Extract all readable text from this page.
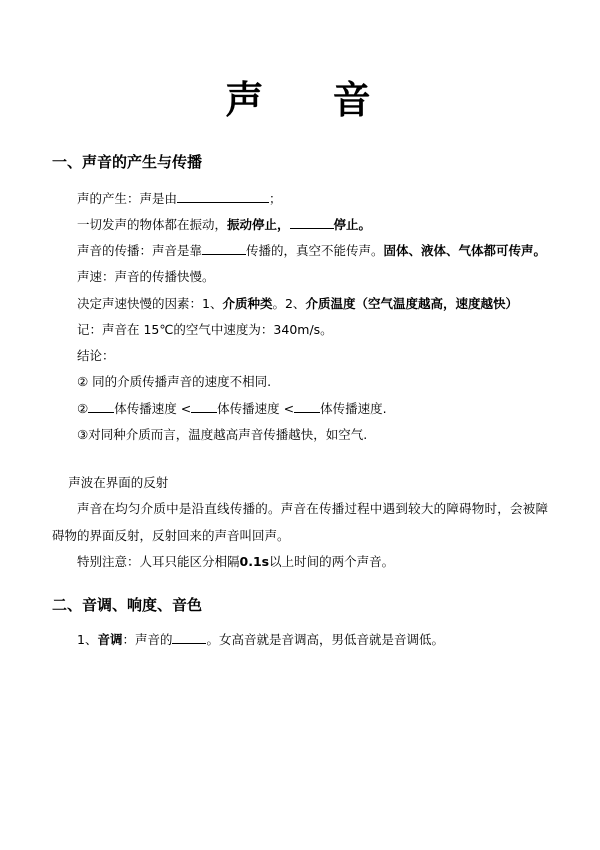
声 音
一、声音的产生与传播

声的产生：声是由	；

一切发声的物体都在振动，振动停止，	停止。

声音的传播：声音是靠	传播的，真空不能传声。固体、液体、气体都可传声。

声速：声音的传播快慢。

决定声速快慢的因素：1、介质种类。2、介质温度（空气温度越高，速度越快）

记：声音在 15℃的空气中速度为：340m/s。

结论：

② 同的介质传播声音的速度不相同.

② 体传播速度 < 体传播速度 < 体传播速度.

③对同种介质而言，温度越高声音传播越快，如空气.

声波在界面的反射

声音在均匀介质中是沿直线传播的。声音在传播过程中遇到较大的障碍物时，会被障碍物的界面反射，反射回来的声音叫回声。

特别注意：人耳只能区分相隔0.1s以上时间的两个声音。

二、音调、响度、音色

1、音调：声音的	。女高音就是音调高，男低音就是音调低。
